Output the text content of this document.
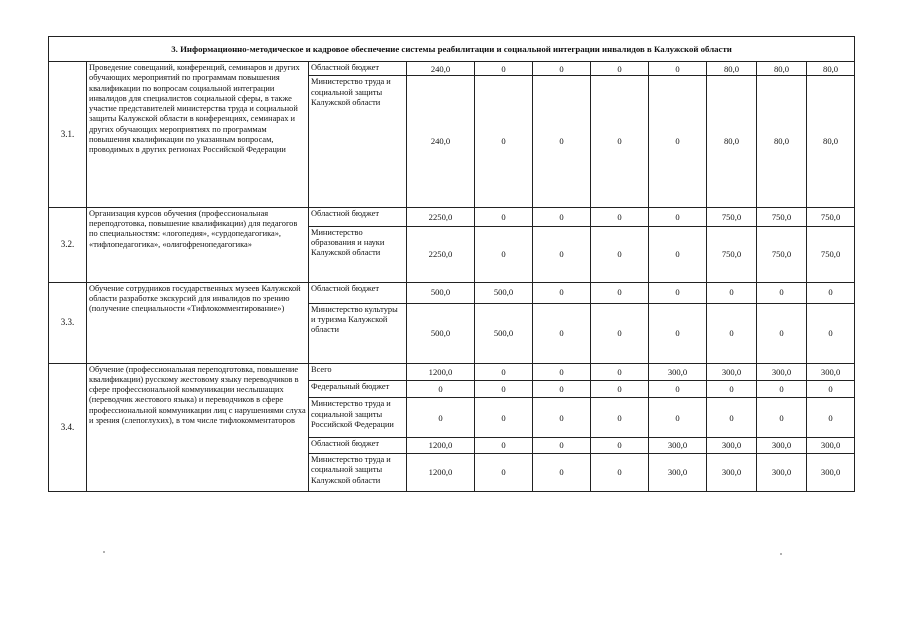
3. Информационно-методическое и кадровое обеспечение системы реабилитации и социальной интеграции инвалидов в Калужской области										
3.1.	Проведение совещаний, конференций, семинаров и других обучающих мероприятий по программам повышения квалификации по вопросам социальной интеграции инвалидов для специалистов социальной сферы, в также участие представителей министерства труда и социальной защиты Калужской области в конференциях, семинарах и других обучающих мероприятиях по программам повышения квалификации по указанным вопросам, проводимых в других регионах Российской Федерации	Областной бюджет	240,0	0	0	0	0	80,0	80,0	80,0
		Министерство труда и социальной защиты Калужской области	240,0	0	0	0	0	80,0	80,0	80,0
3.2.	Организация курсов обучения (профессиональная переподготовка, повышение квалификации) для педагогов по специальностям: «логопедия», «сурдопедагогика», «тифлопедагогика», «олигофренопедагогика»	Областной бюджет	2250,0	0	0	0	0	750,0	750,0	750,0
		Министерство образования и науки Калужской области	2250,0	0	0	0	0	750,0	750,0	750,0
3.3.	Обучение сотрудников государственных музеев Калужской области разработке экскурсий для инвалидов по зрению (получение специальности «Тифлокомментирование»)	Областной бюджет	500,0	500,0	0	0	0	0	0	0
		Министерство культуры и туризма Калужской области	500,0	500,0	0	0	0	0	0	0
3.4.	Обучение (профессиональная переподготовка, повышение квалификации) русскому жестовому языку переводчиков в сфере профессиональной коммуникации неслышащих (переводчик жестового языка) и переводчиков в сфере профессиональной коммуникации лиц с нарушениями слуха и зрения (слепоглухих), в том числе тифлокомментаторов	Всего	1200,0	0	0	0	300,0	300,0	300,0	300,0
		Федеральный бюджет	0	0	0	0	0	0	0	0
		Министерство труда и социальной защиты Российской Федерации	0	0	0	0	0	0	0	0
		Областной бюджет	1200,0	0	0	0	300,0	300,0	300,0	300,0
		Министерство труда и социальной защиты Калужской области	1200,0	0	0	0	300,0	300,0	300,0	300,0
